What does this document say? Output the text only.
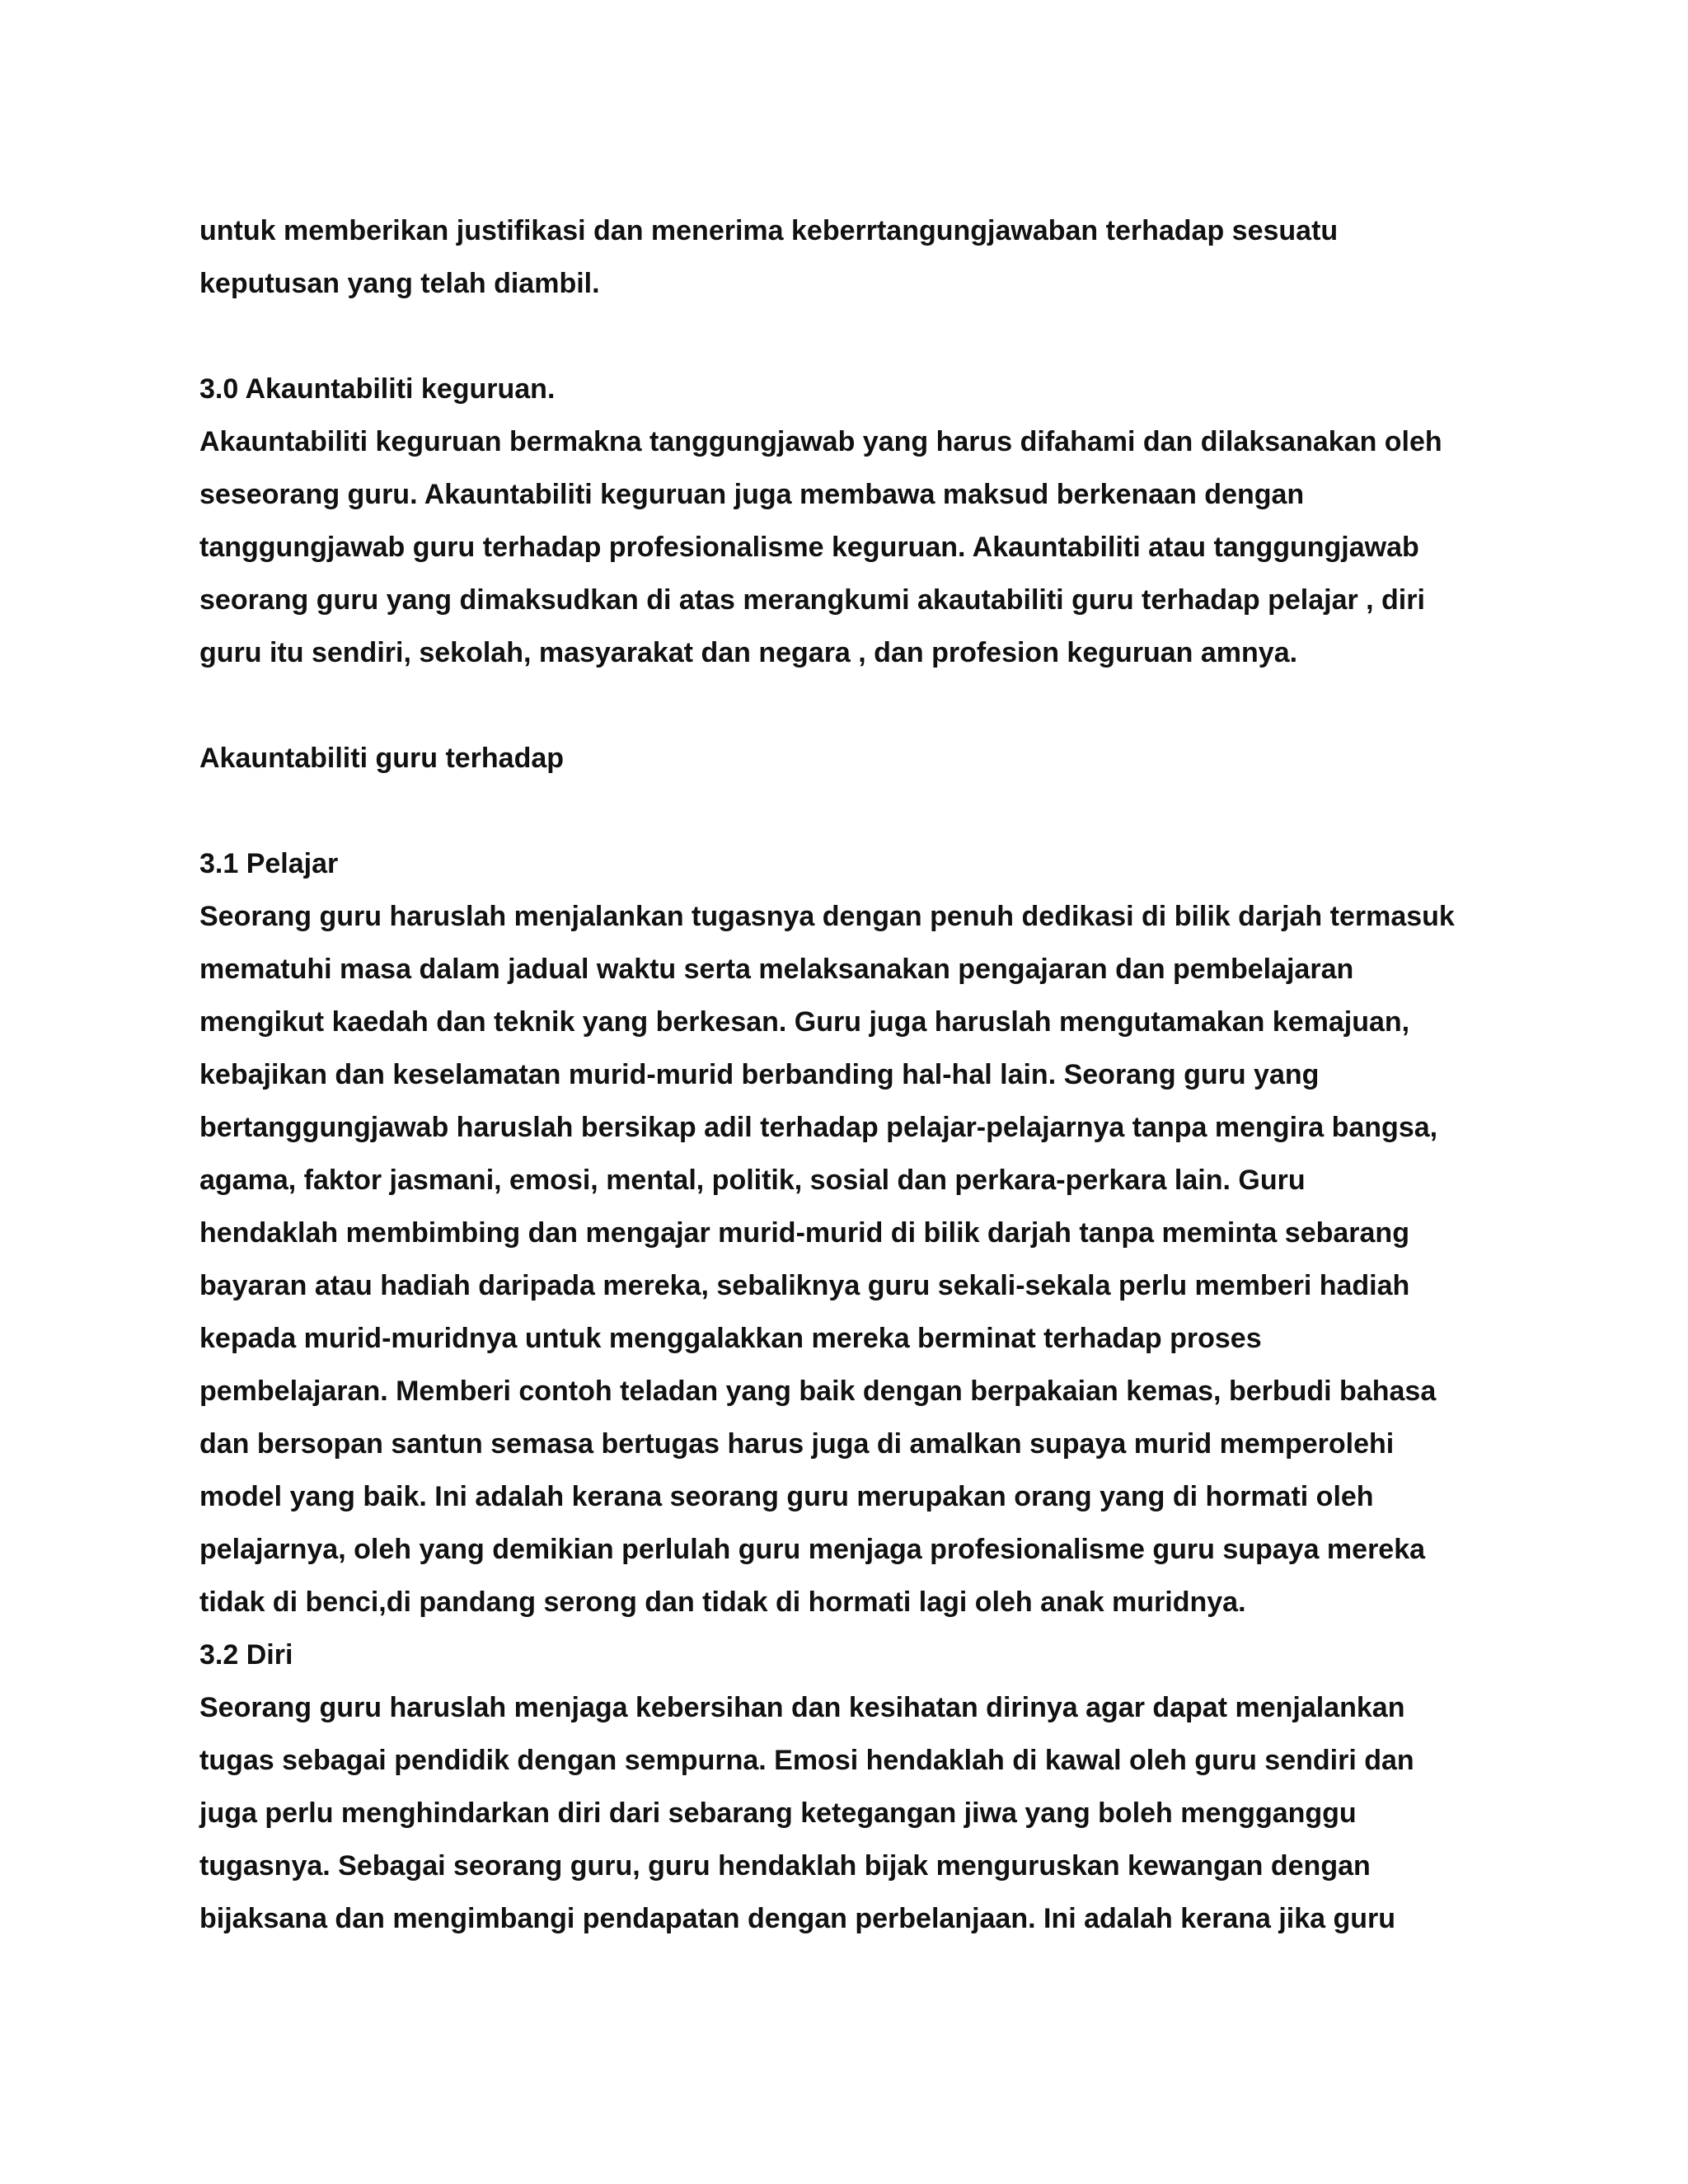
untuk memberikan justifikasi dan menerima keberrtangungjawaban terhadap sesuatu
keputusan yang telah diambil.
3.0 Akauntabiliti keguruan.
Akauntabiliti keguruan bermakna tanggungjawab yang harus difahami dan dilaksanakan oleh
seseorang guru. Akauntabiliti keguruan juga membawa maksud berkenaan dengan
tanggungjawab guru terhadap profesionalisme keguruan. Akauntabiliti atau tanggungjawab
seorang guru yang dimaksudkan di atas merangkumi akautabiliti guru terhadap pelajar , diri
guru itu sendiri, sekolah, masyarakat dan negara , dan profesion keguruan amnya.
Akauntabiliti guru terhadap
3.1 Pelajar
Seorang guru haruslah menjalankan tugasnya dengan penuh dedikasi di bilik darjah termasuk
mematuhi masa dalam jadual waktu serta melaksanakan pengajaran dan pembelajaran
mengikut kaedah dan teknik yang berkesan. Guru juga haruslah mengutamakan kemajuan,
kebajikan dan keselamatan murid-murid berbanding hal-hal lain. Seorang guru yang
bertanggungjawab haruslah bersikap adil terhadap pelajar-pelajarnya tanpa mengira bangsa,
agama, faktor jasmani, emosi, mental, politik, sosial dan perkara-perkara lain. Guru
hendaklah membimbing dan mengajar murid-murid di bilik darjah tanpa meminta sebarang
bayaran atau hadiah daripada mereka, sebaliknya guru sekali-sekala perlu memberi hadiah
kepada murid-muridnya untuk menggalakkan mereka berminat terhadap proses
pembelajaran. Memberi contoh teladan yang baik dengan berpakaian kemas, berbudi bahasa
dan bersopan santun semasa bertugas harus juga di amalkan supaya murid memperolehi
model yang baik. Ini adalah kerana seorang guru merupakan orang yang di hormati oleh
pelajarnya, oleh yang demikian perlulah guru menjaga profesionalisme guru supaya mereka
tidak di benci,di pandang serong dan tidak di hormati lagi oleh anak muridnya.
3.2 Diri
Seorang guru haruslah menjaga kebersihan dan kesihatan dirinya agar dapat menjalankan
tugas sebagai pendidik dengan sempurna. Emosi hendaklah di kawal oleh guru sendiri dan
juga perlu menghindarkan diri dari sebarang ketegangan jiwa yang boleh mengganggu
tugasnya. Sebagai seorang guru, guru hendaklah bijak menguruskan kewangan dengan
bijaksana dan mengimbangi pendapatan dengan perbelanjaan. Ini adalah kerana jika guru
